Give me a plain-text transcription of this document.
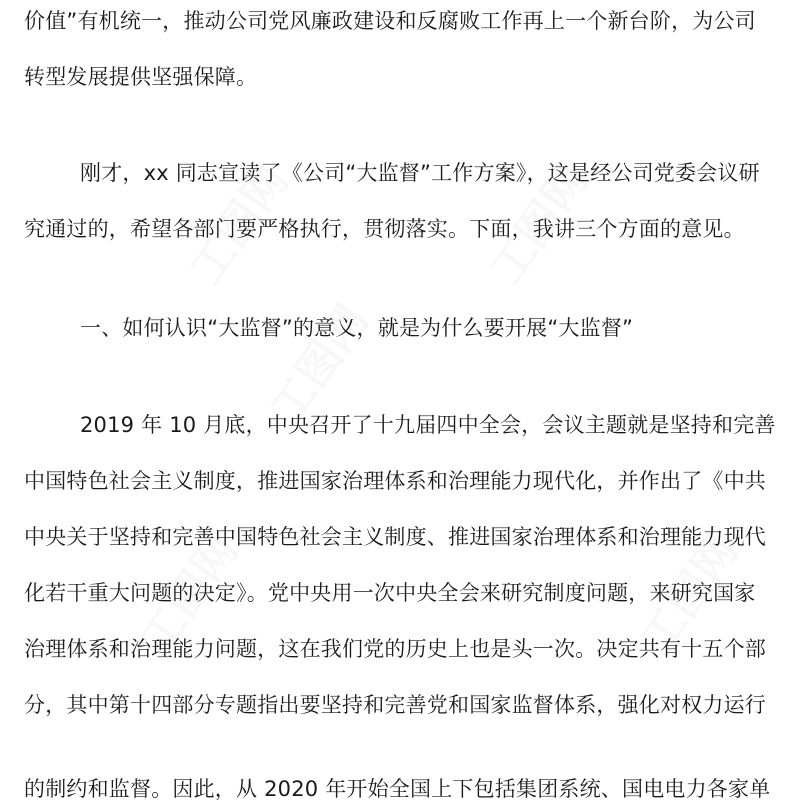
工图网	工图网
工图网
工图网	工图网
价值”有机统一，推动公司党风廉政建设和反腐败工作再上一个新台阶，为公司
转型发展提供坚强保障。
刚才，xx 同志宣读了《公司“大监督”工作方案》，这是经公司党委会议研
究通过的，希望各部门要严格执行，贯彻落实。下面，我讲三个方面的意见。
一、如何认识“大监督”的意义，就是为什么要开展“大监督”
2019 年 10 月底，中央召开了十九届四中全会，会议主题就是坚持和完善
中国特色社会主义制度，推进国家治理体系和治理能力现代化，并作出了《中共
中央关于坚持和完善中国特色社会主义制度、推进国家治理体系和治理能力现代
化若干重大问题的决定》。党中央用一次中央全会来研究制度问题，来研究国家
治理体系和治理能力问题，这在我们党的历史上也是头一次。决定共有十五个部
分，其中第十四部分专题指出要坚持和完善党和国家监督体系，强化对权力运行
的制约和监督。因此，从 2020 年开始全国上下包括集团系统、国电电力各家单
